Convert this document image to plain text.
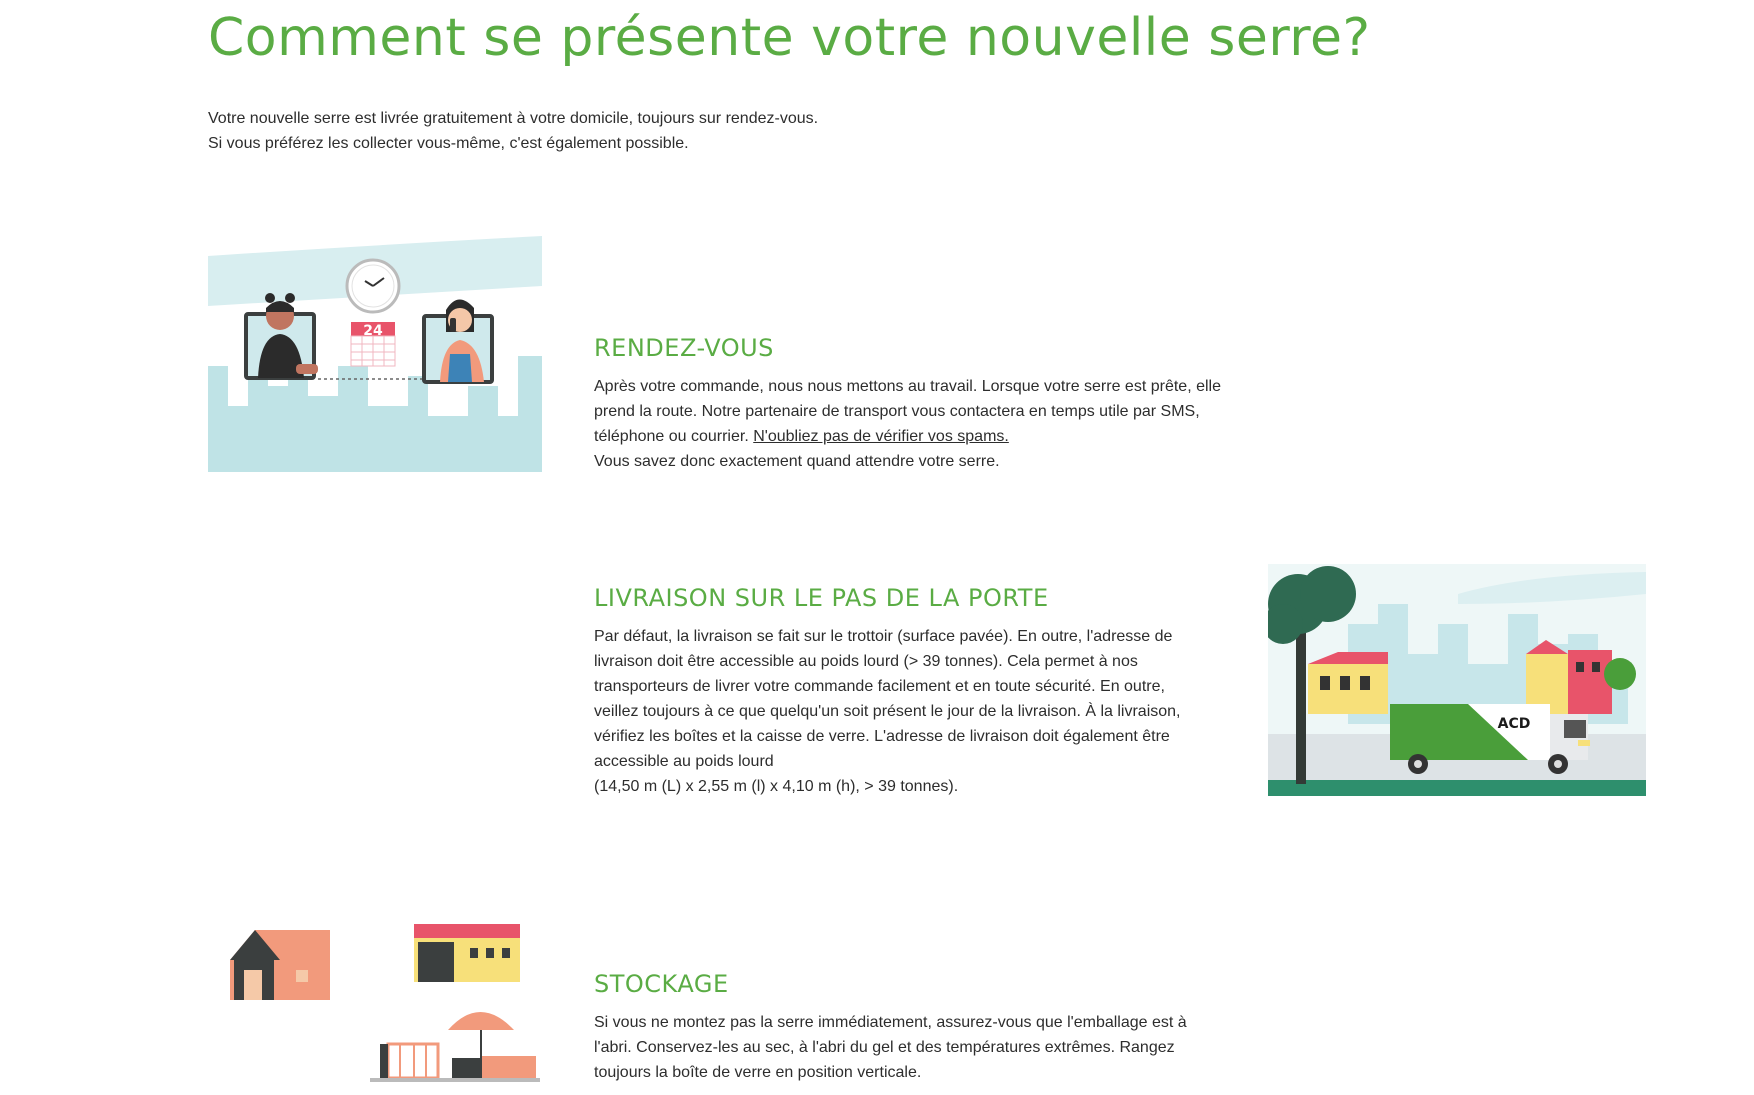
Comment se présente votre nouvelle serre?

Votre nouvelle serre est livrée gratuitement à votre domicile, toujours sur rendez-vous.

Si vous préférez les collecter vous-même, c'est également possible.

24
RENDEZ-VOUS

Après votre commande, nous nous mettons au travail. Lorsque votre serre est prête, elle prend la route. Notre partenaire de transport vous contactera en temps utile par SMS, téléphone ou courrier. N'oubliez pas de vérifier vos spams.

Vous savez donc exactement quand attendre votre serre.

LIVRAISON SUR LE PAS DE LA PORTE

Par défaut, la livraison se fait sur le trottoir (surface pavée). En outre, l'adresse de livraison doit être accessible au poids lourd (> 39 tonnes). Cela permet à nos transporteurs de livrer votre commande facilement et en toute sécurité. En outre, veillez toujours à ce que quelqu'un soit présent le jour de la livraison. À la livraison, vérifiez les boîtes et la caisse de verre. L'adresse de livraison doit également être accessible au poids lourd

(14,50 m (L) x 2,55 m (l) x 4,10 m (h), > 39 tonnes).

ACD
STOCKAGE

Si vous ne montez pas la serre immédiatement, assurez-vous que l'emballage est à l'abri. Conservez-les au sec, à l'abri du gel et des températures extrêmes. Rangez toujours la boîte de verre en position verticale.
